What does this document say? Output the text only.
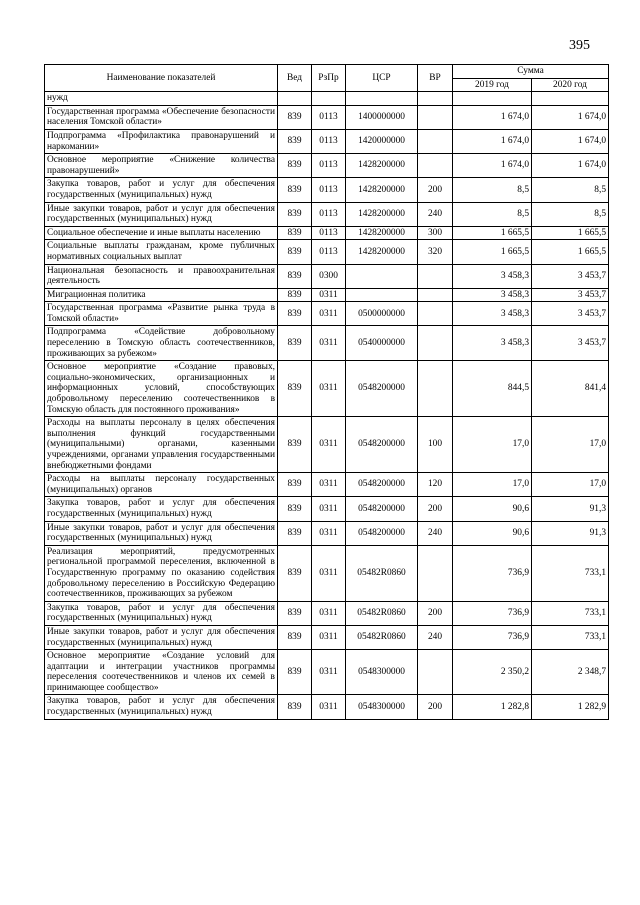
395
Наименование показателей	Вед	РзПр	ЦСР	ВР	Сумма	
					2019 год	2020 год
нужд						
Государственная программа «Обеспечение безопасности населения Томской области»	839	0113	1400000000		1 674,0	1 674,0
Подпрограмма «Профилактика правонарушений и наркомании»	839	0113	1420000000		1 674,0	1 674,0
Основное мероприятие «Снижение количества правонарушений»	839	0113	1428200000		1 674,0	1 674,0
Закупка товаров, работ и услуг для обеспечения государственных (муниципальных) нужд	839	0113	1428200000	200	8,5	8,5
Иные закупки товаров, работ и услуг для обеспечения государственных (муниципальных) нужд	839	0113	1428200000	240	8,5	8,5
Социальное обеспечение и иные выплаты населению	839	0113	1428200000	300	1 665,5	1 665,5
Социальные выплаты гражданам, кроме публичных нормативных социальных выплат	839	0113	1428200000	320	1 665,5	1 665,5
Национальная безопасность и правоохранительная деятельность	839	0300			3 458,3	3 453,7
Миграционная политика	839	0311			3 458,3	3 453,7
Государственная программа «Развитие рынка труда в Томской области»	839	0311	0500000000		3 458,3	3 453,7
Подпрограмма «Содействие добровольному переселению в Томскую область соотечественников, проживающих за рубежом»	839	0311	0540000000		3 458,3	3 453,7
Основное мероприятие «Создание правовых, социально-экономических, организационных и информационных условий, способствующих добровольному переселению соотечественников в Томскую область для постоянного проживания»	839	0311	0548200000		844,5	841,4
Расходы на выплаты персоналу в целях обеспечения выполнения функций государственными (муниципальными) органами, казенными учреждениями, органами управления государственными внебюджетными фондами	839	0311	0548200000	100	17,0	17,0
Расходы на выплаты персоналу государственных (муниципальных) органов	839	0311	0548200000	120	17,0	17,0
Закупка товаров, работ и услуг для обеспечения государственных (муниципальных) нужд	839	0311	0548200000	200	90,6	91,3
Иные закупки товаров, работ и услуг для обеспечения государственных (муниципальных) нужд	839	0311	0548200000	240	90,6	91,3
Реализация мероприятий, предусмотренных региональной программой переселения, включенной в Государственную программу по оказанию содействия добровольному переселению в Российскую Федерацию соотечественников, проживающих за рубежом	839	0311	05482R0860		736,9	733,1
Закупка товаров, работ и услуг для обеспечения государственных (муниципальных) нужд	839	0311	05482R0860	200	736,9	733,1
Иные закупки товаров, работ и услуг для обеспечения государственных (муниципальных) нужд	839	0311	05482R0860	240	736,9	733,1
Основное мероприятие «Создание условий для адаптации и интеграции участников программы переселения соотечественников и членов их семей в принимающее сообщество»	839	0311	0548300000		2 350,2	2 348,7
Закупка товаров, работ и услуг для обеспечения государственных (муниципальных) нужд	839	0311	0548300000	200	1 282,8	1 282,9
